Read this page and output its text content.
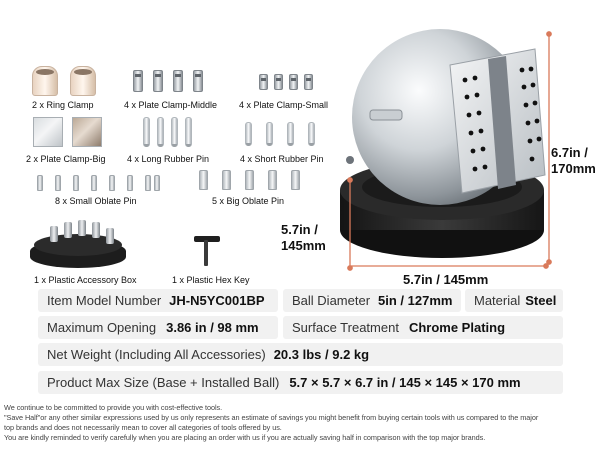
2 x Ring Clamp	4 x Plate Clamp-Middle 4 x Plate Clamp-Small
2 x Plate Clamp-Big 4 x Long Rubber Pin	4 x Short Rubber Pin
8 x Small Oblate Pin	5 x Big Oblate Pin
1 x Plastic Accessory Box	1 x Plastic Hex Key
6.7in /
170mm
5.7in /
145mm
5.7in / 145mm
Item Model Number JH-N5YC001BP	Ball Diameter 5in / 127mm	Material Steel
Maximum Opening 3.86 in / 98 mm	Surface Treatment Chrome Plating
Net Weight (Including All Accessories) 20.3 lbs / 9.2 kg
Product Max Size (Base + Installed Ball) 5.7 × 5.7 × 6.7 in / 145 × 145 × 170 mm
We continue to be committed to provide you with cost-effective tools.
"Save Half"or any other similar expressions used by us only represents an estimate of savings you might benefit from buying certain tools with us compared to the major
top brands and does not necessarily mean to cover all categories of tools offered by us.
You are kindly reminded to verify carefully when you are placing an order with us if you are actually saving half in comparison with the top major brands.
